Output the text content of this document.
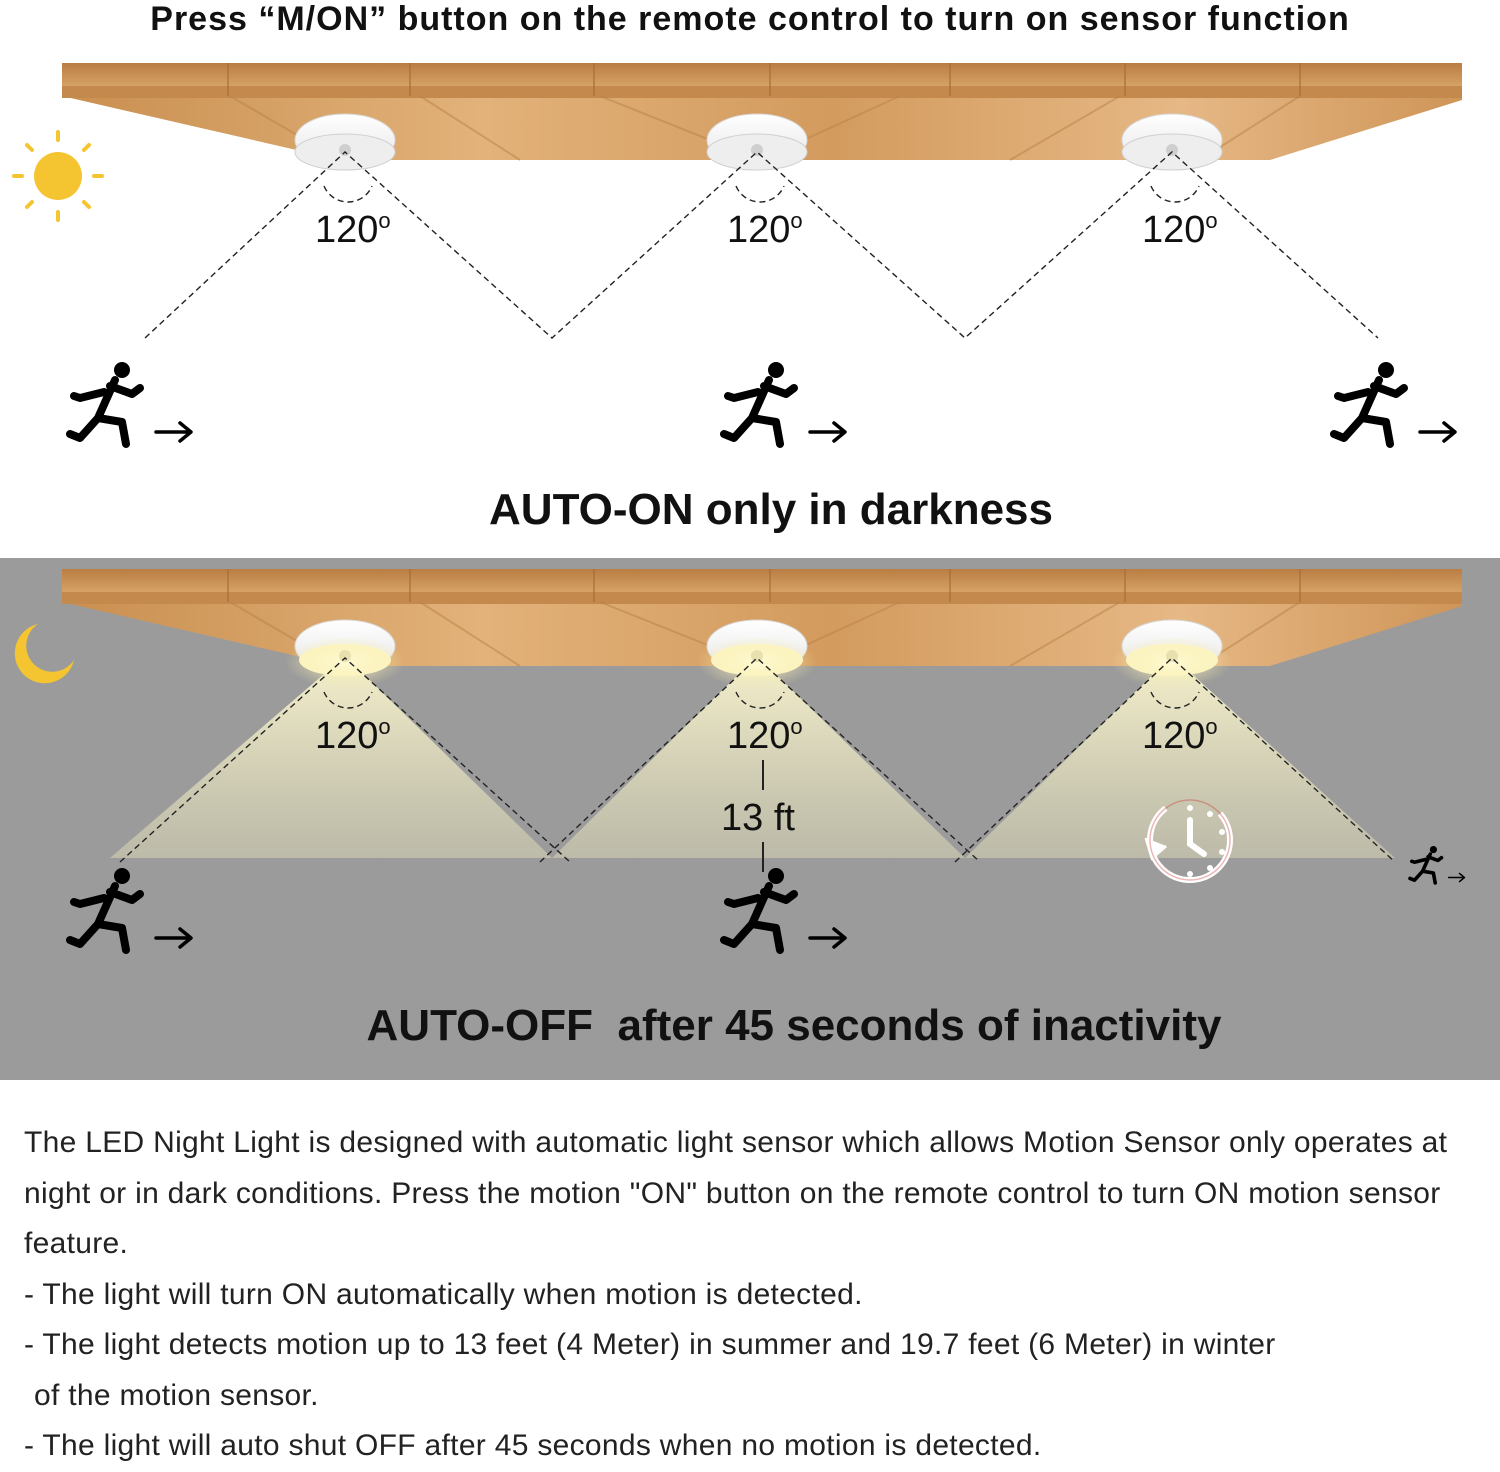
120$^o$	120$^o$	120$^o$
AUTO-ON only in darkness
120$^o$	120$^o$	120$^o$
13 ft
AUTO-OFF  after 45 seconds of inactivity
Press “M/ON” button on the remote control to turn on sensor function

The LED Night Light is designed with automatic light sensor which allows Motion Sensor only operates at night or in dark conditions. Press the motion "ON" button on the remote control to turn ON motion sensor feature.

- The light will turn ON automatically when motion is detected.

- The light detects motion up to 13 feet (4 Meter) in summer and 19.7 feet (6 Meter) in winter

of the motion sensor.

- The light will auto shut OFF after 45 seconds when no motion is detected.
